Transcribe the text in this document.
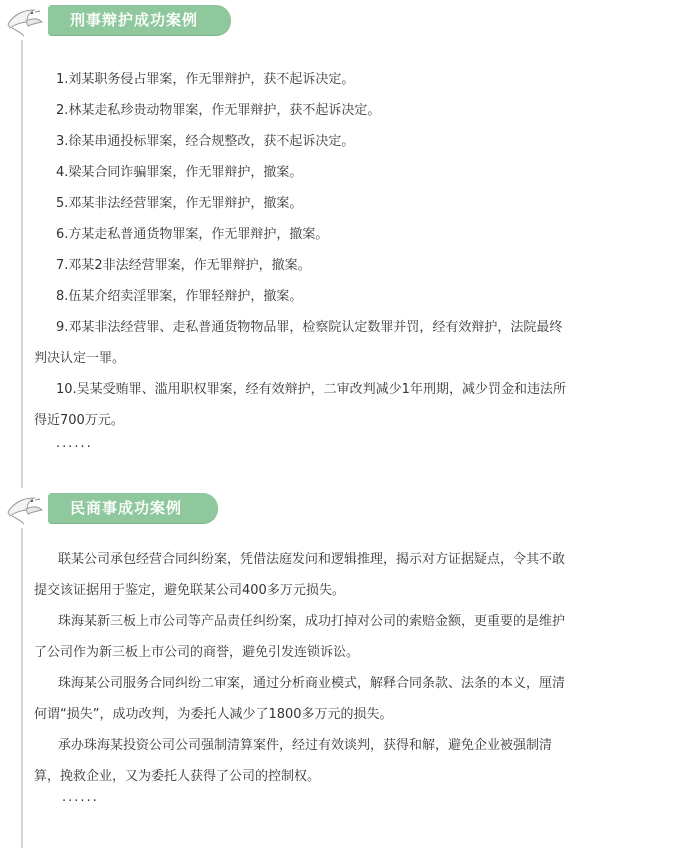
刑事辩护成功案例
1.刘某职务侵占罪案，作无罪辩护，获不起诉决定。
2.林某走私珍贵动物罪案，作无罪辩护，获不起诉决定。
3.徐某串通投标罪案，经合规整改，获不起诉决定。
4.梁某合同诈骗罪案，作无罪辩护，撤案。
5.邓某非法经营罪案，作无罪辩护，撤案。
6.方某走私普通货物罪案，作无罪辩护，撤案。
7.邓某2非法经营罪案，作无罪辩护，撤案。
8.伍某介绍卖淫罪案，作罪轻辩护，撤案。
9.邓某非法经营罪、走私普通货物物品罪，检察院认定数罪并罚，经有效辩护，法院最终
判决认定一罪。
10.吴某受贿罪、滥用职权罪案，经有效辩护，二审改判减少1年刑期，减少罚金和违法所
得近700万元。
......
民商事成功案例

联某公司承包经营合同纠纷案，凭借法庭发问和逻辑推理，揭示对方证据疑点，令其不敢
提交该证据用于鉴定，避免联某公司400多万元损失。

珠海某新三板上市公司等产品责任纠纷案，成功打掉对公司的索赔金额，更重要的是维护
了公司作为新三板上市公司的商誉，避免引发连锁诉讼。

珠海某公司服务合同纠纷二审案，通过分析商业模式，解释合同条款、法条的本义，厘清
何谓“损失”，成功改判，为委托人减少了1800多万元的损失。

承办珠海某投资公司公司强制清算案件，经过有效谈判，获得和解，避免企业被强制清
算，挽救企业，又为委托人获得了公司的控制权。

......
